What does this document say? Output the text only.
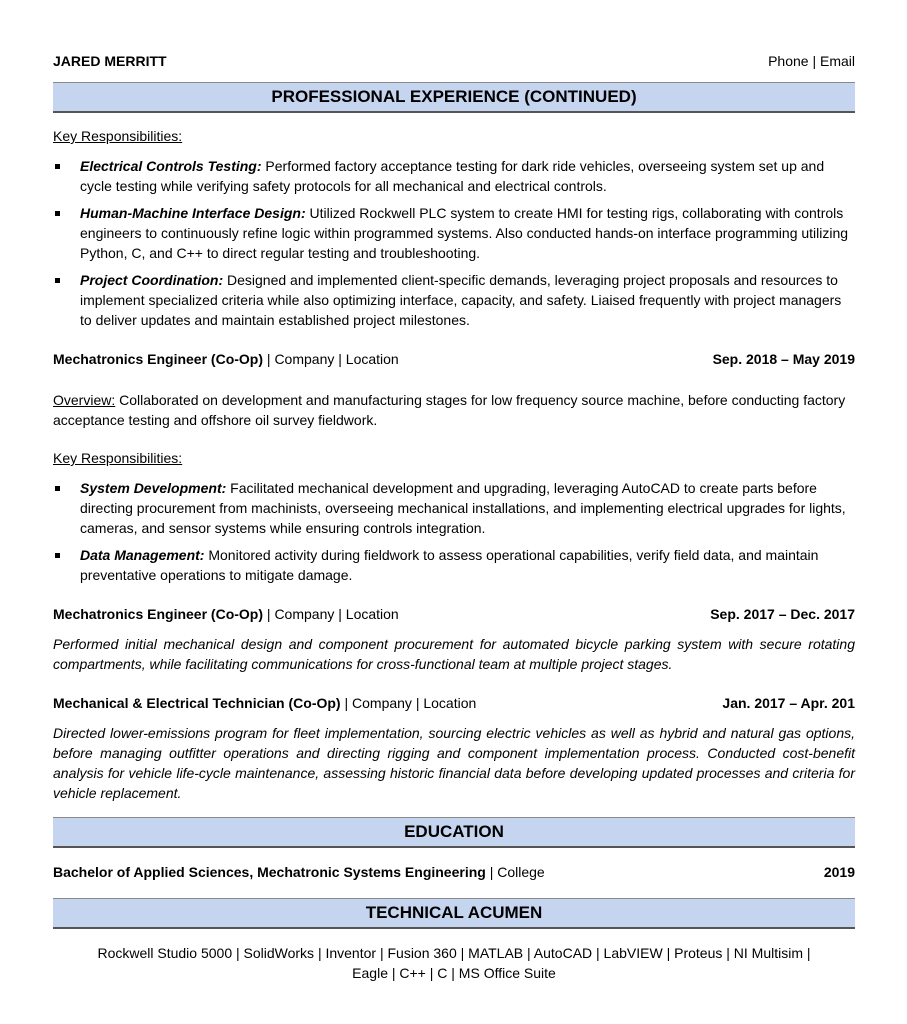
JARED MERRITT	Phone | Email
PROFESSIONAL EXPERIENCE (CONTINUED)
Key Responsibilities:
Electrical Controls Testing: Performed factory acceptance testing for dark ride vehicles, overseeing system set up and cycle testing while verifying safety protocols for all mechanical and electrical controls.
Human-Machine Interface Design: Utilized Rockwell PLC system to create HMI for testing rigs, collaborating with controls engineers to continuously refine logic within programmed systems. Also conducted hands-on interface programming utilizing Python, C, and C++ to direct regular testing and troubleshooting.
Project Coordination: Designed and implemented client-specific demands, leveraging project proposals and resources to implement specialized criteria while also optimizing interface, capacity, and safety. Liaised frequently with project managers to deliver updates and maintain established project milestones.
Mechatronics Engineer (Co-Op) | Company | Location	Sep. 2018 – May 2019
Overview: Collaborated on development and manufacturing stages for low frequency source machine, before conducting factory acceptance testing and offshore oil survey fieldwork.
Key Responsibilities:
System Development: Facilitated mechanical development and upgrading, leveraging AutoCAD to create parts before directing procurement from machinists, overseeing mechanical installations, and implementing electrical upgrades for lights, cameras, and sensor systems while ensuring controls integration.
Data Management: Monitored activity during fieldwork to assess operational capabilities, verify field data, and maintain preventative operations to mitigate damage.
Mechatronics Engineer (Co-Op) | Company | Location	Sep. 2017 – Dec. 2017
Performed initial mechanical design and component procurement for automated bicycle parking system with secure rotating compartments, while facilitating communications for cross-functional team at multiple project stages.
Mechanical & Electrical Technician (Co-Op) | Company | Location	Jan. 2017 – Apr. 201
Directed lower-emissions program for fleet implementation, sourcing electric vehicles as well as hybrid and natural gas options, before managing outfitter operations and directing rigging and component implementation process. Conducted cost-benefit analysis for vehicle life-cycle maintenance, assessing historic financial data before developing updated processes and criteria for vehicle replacement.
EDUCATION
Bachelor of Applied Sciences, Mechatronic Systems Engineering | College	2019
TECHNICAL ACUMEN
Rockwell Studio 5000 | SolidWorks | Inventor | Fusion 360 | MATLAB | AutoCAD | LabVIEW | Proteus | NI Multisim |
Eagle | C++ | C | MS Office Suite
